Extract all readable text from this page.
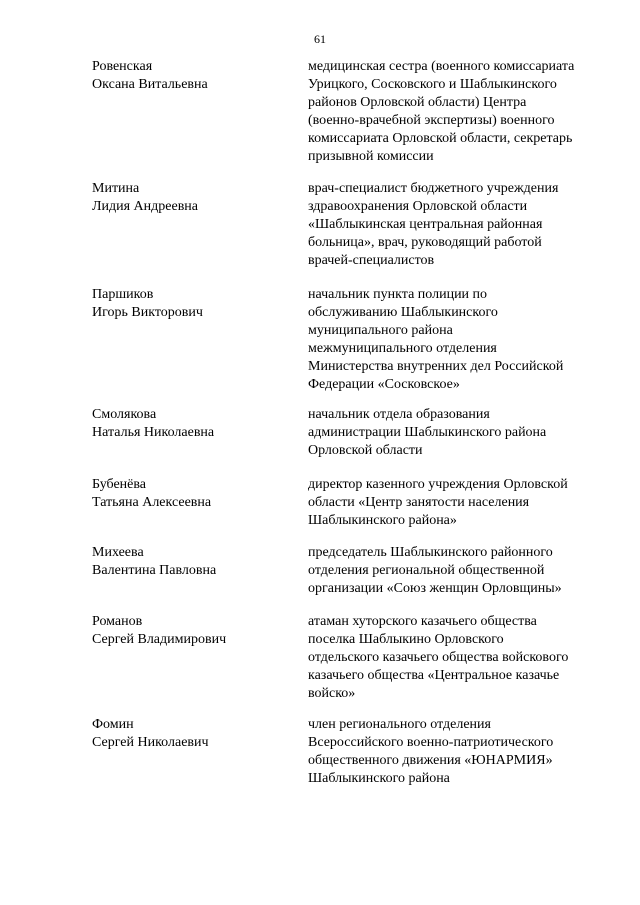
61
Ровенская
Оксана Витальевна
медицинская сестра (военного комиссариата
Урицкого, Сосковского и Шаблыкинского
районов Орловской области) Центра
(военно-врачебной экспертизы) военного
комиссариата Орловской области, секретарь
призывной комиссии
Митина
Лидия Андреевна
врач-специалист бюджетного учреждения
здравоохранения Орловской области
«Шаблыкинская центральная районная
больница», врач, руководящий работой
врачей-специалистов
Паршиков
Игорь Викторович
начальник пункта полиции по
обслуживанию Шаблыкинского
муниципального района
межмуниципального отделения
Министерства внутренних дел Российской
Федерации «Сосковское»
Смолякова
Наталья Николаевна
начальник отдела образования
администрации Шаблыкинского района
Орловской области
Бубенёва
Татьяна Алексеевна
директор казенного учреждения Орловской
области «Центр занятости населения
Шаблыкинского района»
Михеева
Валентина Павловна
председатель Шаблыкинского районного
отделения региональной общественной
организации «Союз женщин Орловщины»
Романов
Сергей Владимирович
атаман хуторского казачьего общества
поселка Шаблыкино Орловского
отдельского казачьего общества войскового
казачьего общества «Центральное казачье
войско»
Фомин
Сергей Николаевич
член регионального отделения
Всероссийского военно-патриотического
общественного движения «ЮНАРМИЯ»
Шаблыкинского района
